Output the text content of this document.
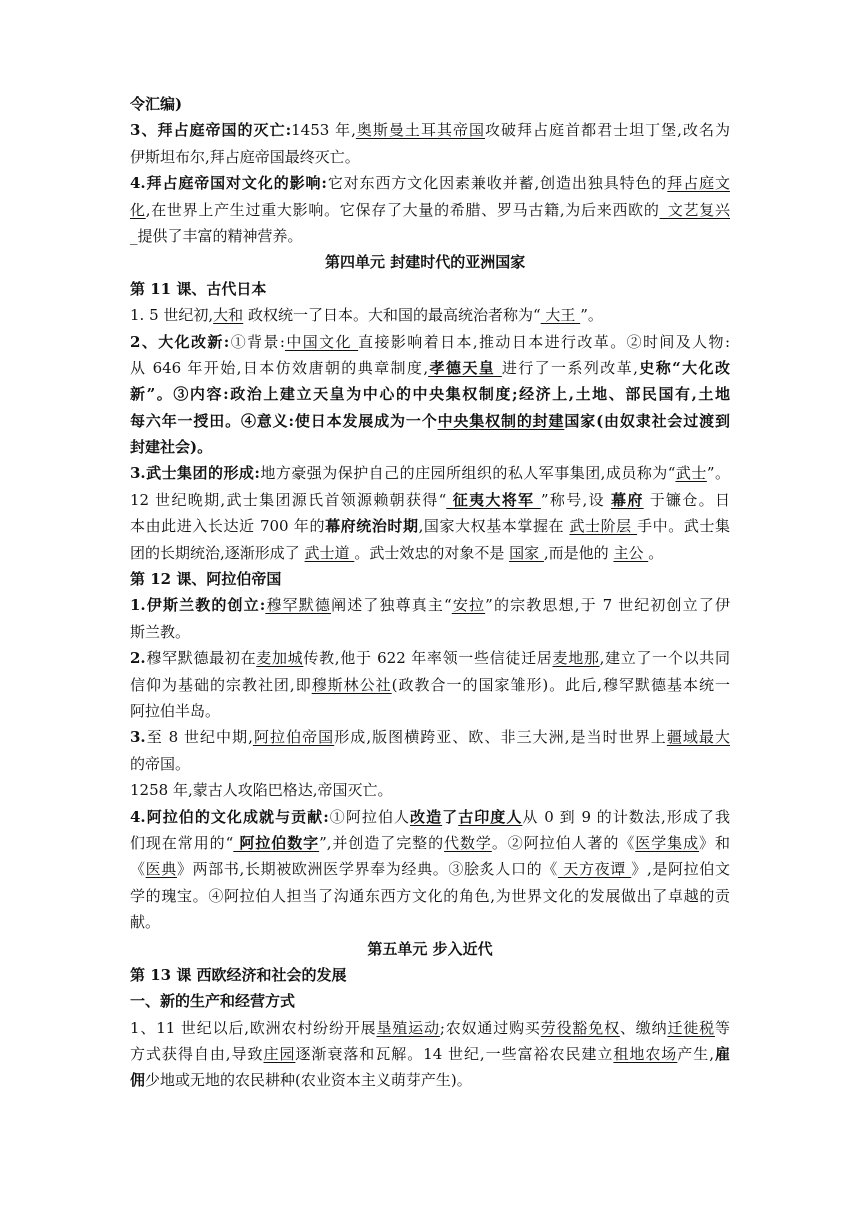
令汇编)
3、拜占庭帝国的灭亡:1453 年,奥斯曼土耳其帝国攻破拜占庭首都君士坦丁堡,改名为
伊斯坦布尔,拜占庭帝国最终灭亡。
4.拜占庭帝国对文化的影响:它对东西方文化因素兼收并蓄,创造出独具特色的拜占庭文
化,在世界上产生过重大影响。它保存了大量的希腊、罗马古籍,为后来西欧的_文艺复兴
_提供了丰富的精神营养。
第四单元 封建时代的亚洲国家
第 11 课、古代日本
1. 5 世纪初,大和 政权统一了日本。大和国的最高统治者称为“ 大王 ”。
2、大化改新:①背景:中国文化 直接影响着日本,推动日本进行改革。②时间及人物:
从 646 年开始,日本仿效唐朝的典章制度,孝德天皇 进行了一系列改革,史称“大化改
新”。③内容:政治上建立天皇为中心的中央集权制度;经济上,土地、部民国有,土地
每六年一授田。④意义:使日本发展成为一个中央集权制的封建国家(由奴隶社会过渡到
封建社会)。
3.武士集团的形成:地方豪强为保护自己的庄园所组织的私人军事集团,成员称为“武士”。
12 世纪晚期,武士集团源氏首领源赖朝获得“ 征夷大将军 ”称号,设 幕府 于镰仓。日
本由此进入长达近 700 年的幕府统治时期,国家大权基本掌握在 武士阶层 手中。武士集
团的长期统治,逐渐形成了 武士道 。武士效忠的对象不是 国家 ,而是他的 主公 。
第 12 课、阿拉伯帝国
1.伊斯兰教的创立:穆罕默德阐述了独尊真主“安拉”的宗教思想,于 7 世纪初创立了伊
斯兰教。
2.穆罕默德最初在麦加城传教,他于 622 年率领一些信徒迁居麦地那,建立了一个以共同
信仰为基础的宗教社团,即穆斯林公社(政教合一的国家雏形)。此后,穆罕默德基本统一
阿拉伯半岛。
3.至 8 世纪中期,阿拉伯帝国形成,版图横跨亚、欧、非三大洲,是当时世界上疆域最大
的帝国。
1258 年,蒙古人攻陷巴格达,帝国灭亡。
4.阿拉伯的文化成就与贡献:①阿拉伯人改造了古印度人从 0 到 9 的计数法,形成了我
们现在常用的“ 阿拉伯数字”,并创造了完整的代数学。②阿拉伯人著的《医学集成》和
《医典》两部书,长期被欧洲医学界奉为经典。③脍炙人口的《 天方夜谭 》,是阿拉伯文
学的瑰宝。④阿拉伯人担当了沟通东西方文化的角色,为世界文化的发展做出了卓越的贡
献。
第五单元 步入近代
第 13 课 西欧经济和社会的发展
一、新的生产和经营方式
1、11 世纪以后,欧洲农村纷纷开展垦殖运动;农奴通过购买劳役豁免权、缴纳迁徙税等
方式获得自由,导致庄园逐渐衰落和瓦解。14 世纪,一些富裕农民建立租地农场产生,雇
佣少地或无地的农民耕种(农业资本主义萌芽产生)。
